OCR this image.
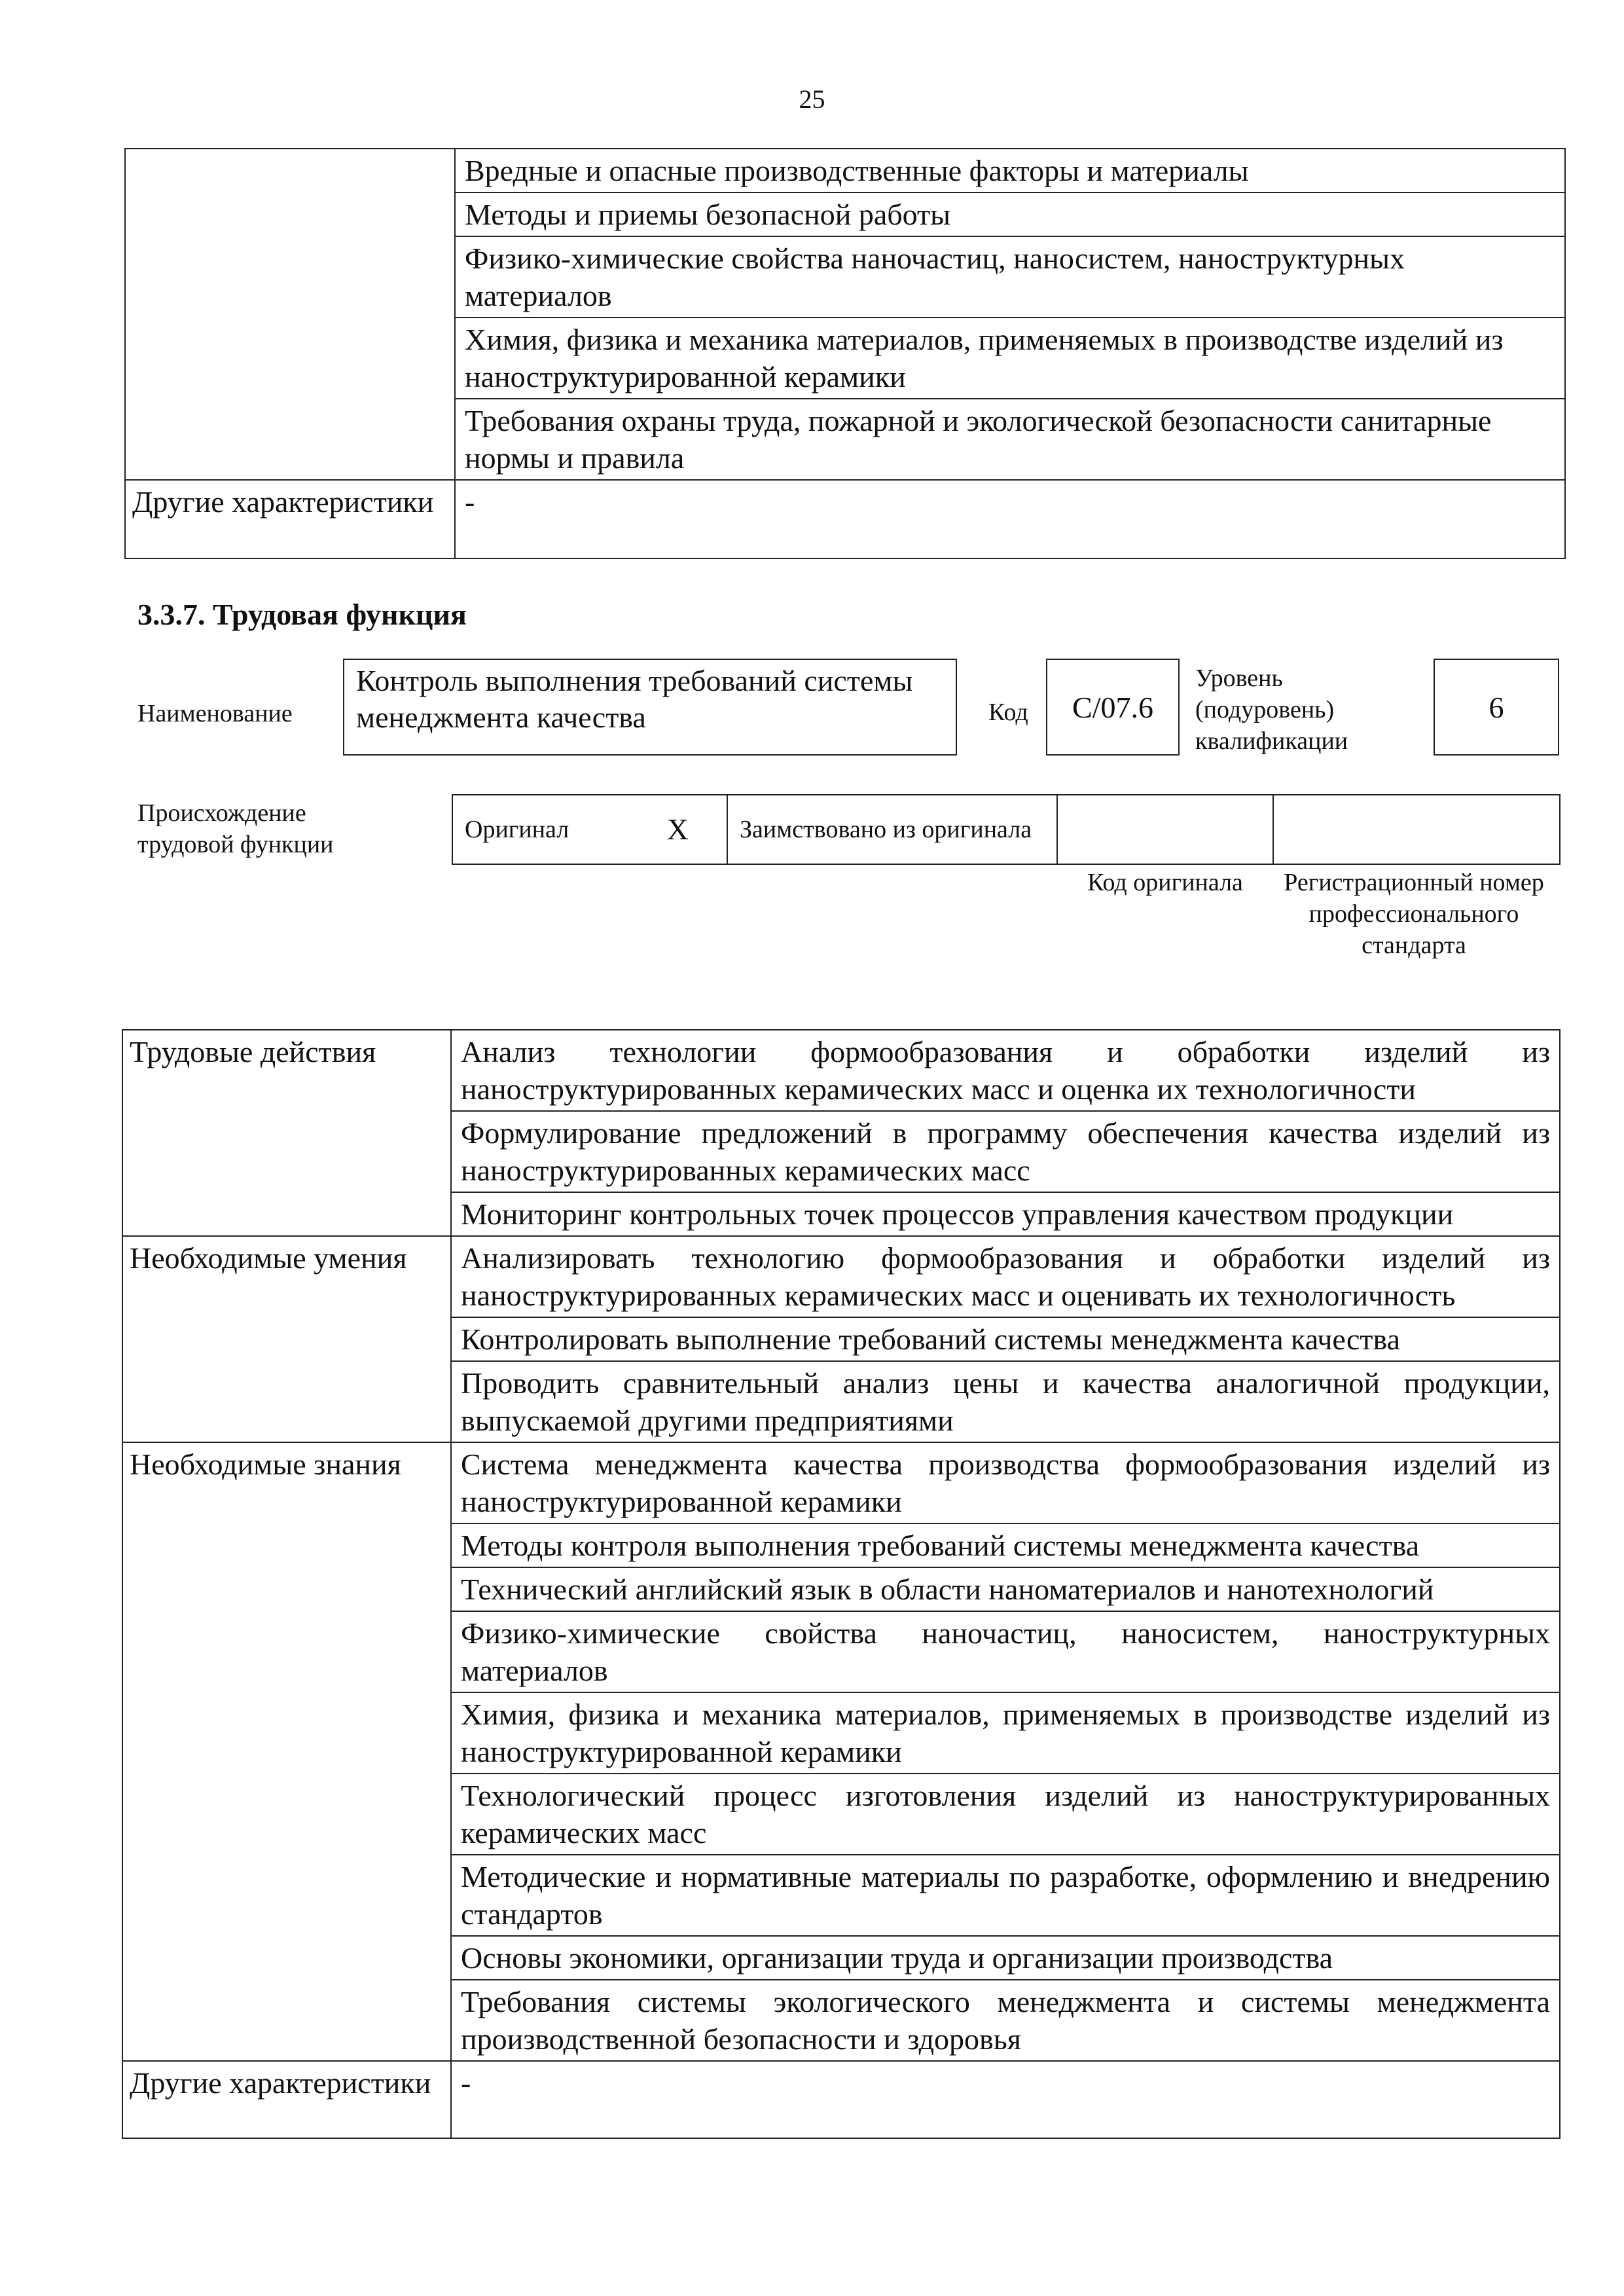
25
	Вредные и опасные производственные факторы и материалы
	Методы и приемы безопасной работы
	Физико-химические свойства наночастиц, наносистем, наноструктурных материалов
	Химия, физика и механика материалов, применяемых в производстве изделий из наноструктурированной керамики
	Требования охраны труда, пожарной и экологической безопасности санитарные нормы и правила
Другие характеристики	-
3.3.7. Трудовая функция
Наименование
Контроль выполнения требований системы менеджмента качества	Код	C/07.6
Уровень (подуровень) квалификации
6
Происхождение трудовой функции
Оригинал	X	Заимствовано из оригинала		
Код оригинала	Регистрационный номер профессионального стандарта
Трудовые действия	Анализ технологии формообразования и обработки изделий из наноструктурированных керамических масс и оценка их технологичности
	Формулирование предложений в программу обеспечения качества изделий из наноструктурированных керамических масс
	Мониторинг контрольных точек процессов управления качеством продукции
Необходимые умения	Анализировать технологию формообразования и обработки изделий из наноструктурированных керамических масс и оценивать их технологичность
	Контролировать выполнение требований системы менеджмента качества
	Проводить сравнительный анализ цены и качества аналогичной продукции, выпускаемой другими предприятиями
Необходимые знания	Система менеджмента качества производства формообразования изделий из наноструктурированной керамики
	Методы контроля выполнения требований системы менеджмента качества
	Технический английский язык в области наноматериалов и нанотехнологий
	Физико-химические свойства наночастиц, наносистем, наноструктурных материалов
	Химия, физика и механика материалов, применяемых в производстве изделий из наноструктурированной керамики
	Технологический процесс изготовления изделий из наноструктурированных керамических масс
	Методические и нормативные материалы по разработке, оформлению и внедрению стандартов
	Основы экономики, организации труда и организации производства
	Требования системы экологического менеджмента и системы менеджмента производственной безопасности и здоровья
Другие характеристики	-
